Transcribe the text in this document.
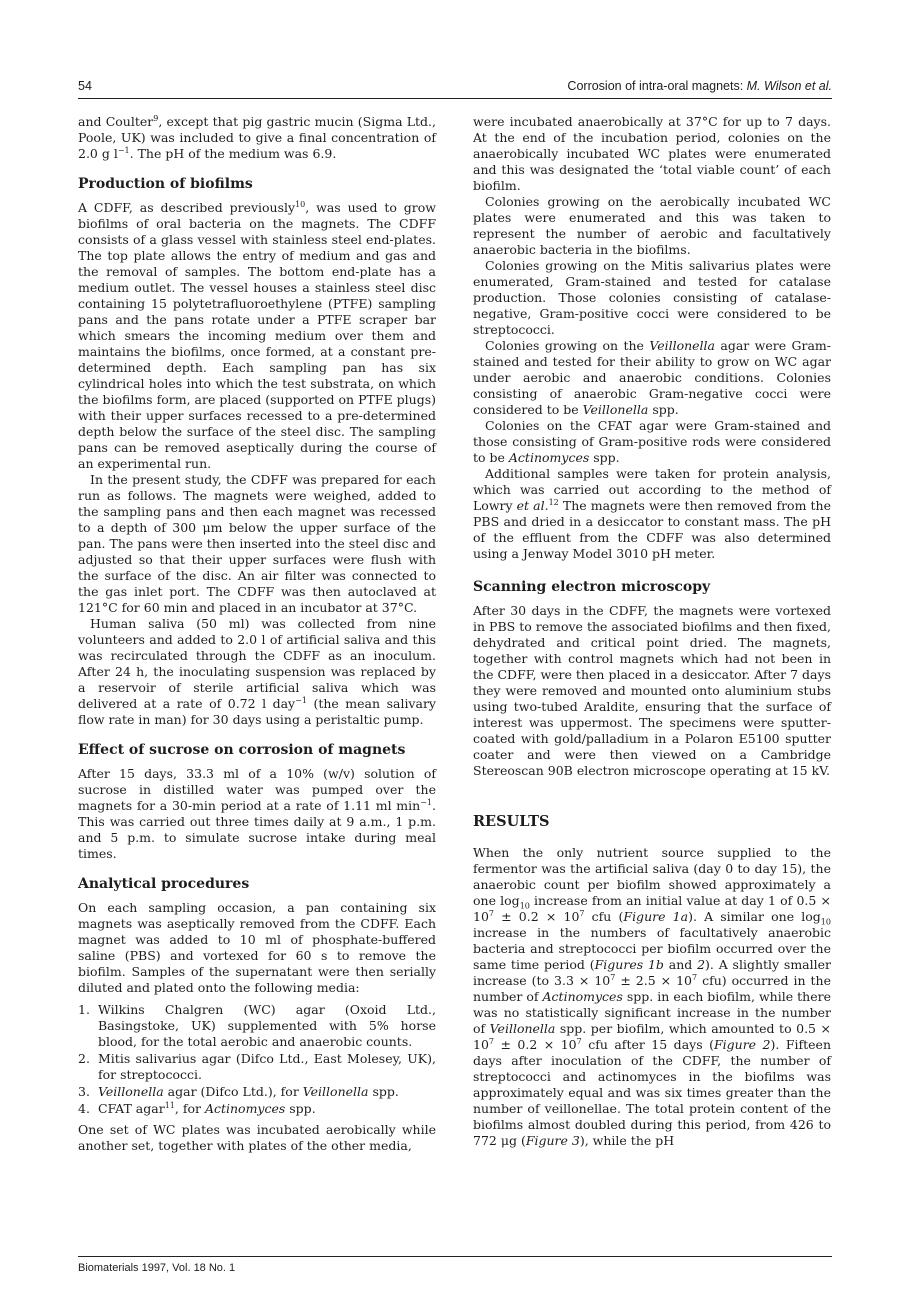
54	Corrosion of intra-oral magnets: M. Wilson et al.

and Coulter$^9$, except that pig gastric mucin (Sigma Ltd., Poole, UK) was included to give a final concentration of 2.0 g $l^{-1}$. The pH of the medium was 6.9.

Production of biofilms

A CDFF, as described previously$^{10}$, was used to grow biofilms of oral bacteria on the magnets. The CDFF consists of a glass vessel with stainless steel end-plates. The top plate allows the entry of medium and gas and the removal of samples. The bottom end-plate has a medium outlet. The vessel houses a stainless steel disc containing 15 polytetrafluoroethylene (PTFE) sampling pans and the pans rotate under a PTFE scraper bar which smears the incoming medium over them and maintains the biofilms, once formed, at a constant pre-determined depth. Each sampling pan has six cylindrical holes into which the test substrata, on which the biofilms form, are placed (supported on PTFE plugs) with their upper surfaces recessed to a pre-determined depth below the surface of the steel disc. The sampling pans can be removed aseptically during the course of an experimental run.

In the present study, the CDFF was prepared for each run as follows. The magnets were weighed, added to the sampling pans and then each magnet was recessed to a depth of 300 μm below the upper surface of the pan. The pans were then inserted into the steel disc and adjusted so that their upper surfaces were flush with the surface of the disc. An air filter was connected to the gas inlet port. The CDFF was then autoclaved at 121°C for 60 min and placed in an incubator at 37°C.

Human saliva (50 ml) was collected from nine volunteers and added to 2.0 l of artificial saliva and this was recirculated through the CDFF as an inoculum. After 24 h, the inoculating suspension was replaced by a reservoir of sterile artificial saliva which was delivered at a rate of 0.72 l day$^{-1}$ (the mean salivary flow rate in man) for 30 days using a peristaltic pump.

Effect of sucrose on corrosion of magnets

After 15 days, 33.3 ml of a 10% (w/v) solution of sucrose in distilled water was pumped over the magnets for a 30-min period at a rate of 1.11 ml $\min^{-1}$. This was carried out three times daily at 9 a.m., 1 p.m. and 5 p.m. to simulate sucrose intake during meal times.

Analytical procedures

On each sampling occasion, a pan containing six magnets was aseptically removed from the CDFF. Each magnet was added to 10 ml of phosphate-buffered saline (PBS) and vortexed for 60 s to remove the biofilm. Samples of the supernatant were then serially diluted and plated onto the following media:

1. Wilkins Chalgren (WC) agar (Oxoid Ltd., Basingstoke, UK) supplemented with 5% horse blood, for the total aerobic and anaerobic counts.
2. Mitis salivarius agar (Difco Ltd., East Molesey, UK), for streptococci.
3. Veillonella agar (Difco Ltd.), for Veillonella spp.
4. CFAT agar$^{11}$, for Actinomyces spp.

One set of WC plates was incubated aerobically while another set, together with plates of the other media,

were incubated anaerobically at 37°C for up to 7 days. At the end of the incubation period, colonies on the anaerobically incubated WC plates were enumerated and this was designated the ‘total viable count’ of each biofilm.

Colonies growing on the aerobically incubated WC plates were enumerated and this was taken to represent the number of aerobic and facultatively anaerobic bacteria in the biofilms.

Colonies growing on the Mitis salivarius plates were enumerated, Gram-stained and tested for catalase production. Those colonies consisting of catalase-negative, Gram-positive cocci were considered to be streptococci.

Colonies growing on the Veillonella agar were Gram-stained and tested for their ability to grow on WC agar under aerobic and anaerobic conditions. Colonies consisting of anaerobic Gram-negative cocci were considered to be Veillonella spp.

Colonies on the CFAT agar were Gram-stained and those consisting of Gram-positive rods were considered to be Actinomyces spp.

Additional samples were taken for protein analysis, which was carried out according to the method of Lowry et al.$^{12}$ The magnets were then removed from the PBS and dried in a desiccator to constant mass. The pH of the effluent from the CDFF was also determined using a Jenway Model 3010 pH meter.

Scanning electron microscopy

After 30 days in the CDFF, the magnets were vortexed in PBS to remove the associated biofilms and then fixed, dehydrated and critical point dried. The magnets, together with control magnets which had not been in the CDFF, were then placed in a desiccator. After 7 days they were removed and mounted onto aluminium stubs using two-tubed Araldite, ensuring that the surface of interest was uppermost. The specimens were sputter-coated with gold/palladium in a Polaron E5100 sputter coater and were then viewed on a Cambridge Stereoscan 90B electron microscope operating at 15 kV.

RESULTS

When the only nutrient source supplied to the fermentor was the artificial saliva (day 0 to day 15), the anaerobic count per biofilm showed approximately a one $\log_{10}$ increase from an initial value at day 1 of $0.5 \times 10^7 \pm 0.2 \times 10^7$ cfu (Figure 1a). A similar one $\log_{10}$ increase in the numbers of facultatively anaerobic bacteria and streptococci per biofilm occurred over the same time period (Figures 1b and 2). A slightly smaller increase (to $3.3 \times 10^7 \pm 2.5 \times 10^7$ cfu) occurred in the number of Actinomyces spp. in each biofilm, while there was no statistically significant increase in the number of Veillonella spp. per biofilm, which amounted to $0.5 \times 10^7 \pm 0.2 \times 10^7$ cfu after 15 days (Figure 2). Fifteen days after inoculation of the CDFF, the number of streptococci and actinomyces in the biofilms was approximately equal and was six times greater than the number of veillonellae. The total protein content of the biofilms almost doubled during this period, from 426 to 772 μg (Figure 3), while the pH

Biomaterials 1997, Vol. 18 No. 1
